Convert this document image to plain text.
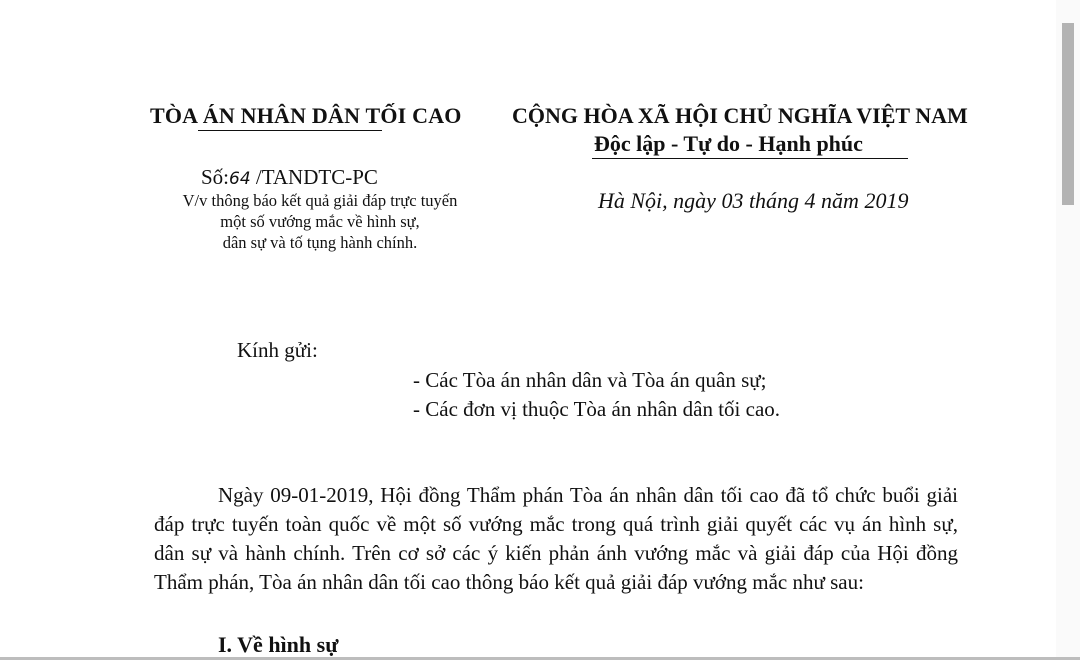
TÒA ÁN NHÂN DÂN TỐI CAO
Số:64 /TANDTC-PC
V/v thông báo kết quả giải đáp trực tuyến
một số vướng mắc về hình sự,
dân sự và tố tụng hành chính.
CỘNG HÒA XÃ HỘI CHỦ NGHĨA VIỆT NAM
Độc lập - Tự do - Hạnh phúc
Hà Nội, ngày 03 tháng 4 năm 2019
Kính gửi:
- Các Tòa án nhân dân và Tòa án quân sự;
- Các đơn vị thuộc Tòa án nhân dân tối cao.
Ngày 09-01-2019, Hội đồng Thẩm phán Tòa án nhân dân tối cao đã tổ chức buổi giải đáp trực tuyến toàn quốc về một số vướng mắc trong quá trình giải quyết các vụ án hình sự, dân sự và hành chính. Trên cơ sở các ý kiến phản ánh vướng mắc và giải đáp của Hội đồng Thẩm phán, Tòa án nhân dân tối cao thông báo kết quả giải đáp vướng mắc như sau:
I. Về hình sự
